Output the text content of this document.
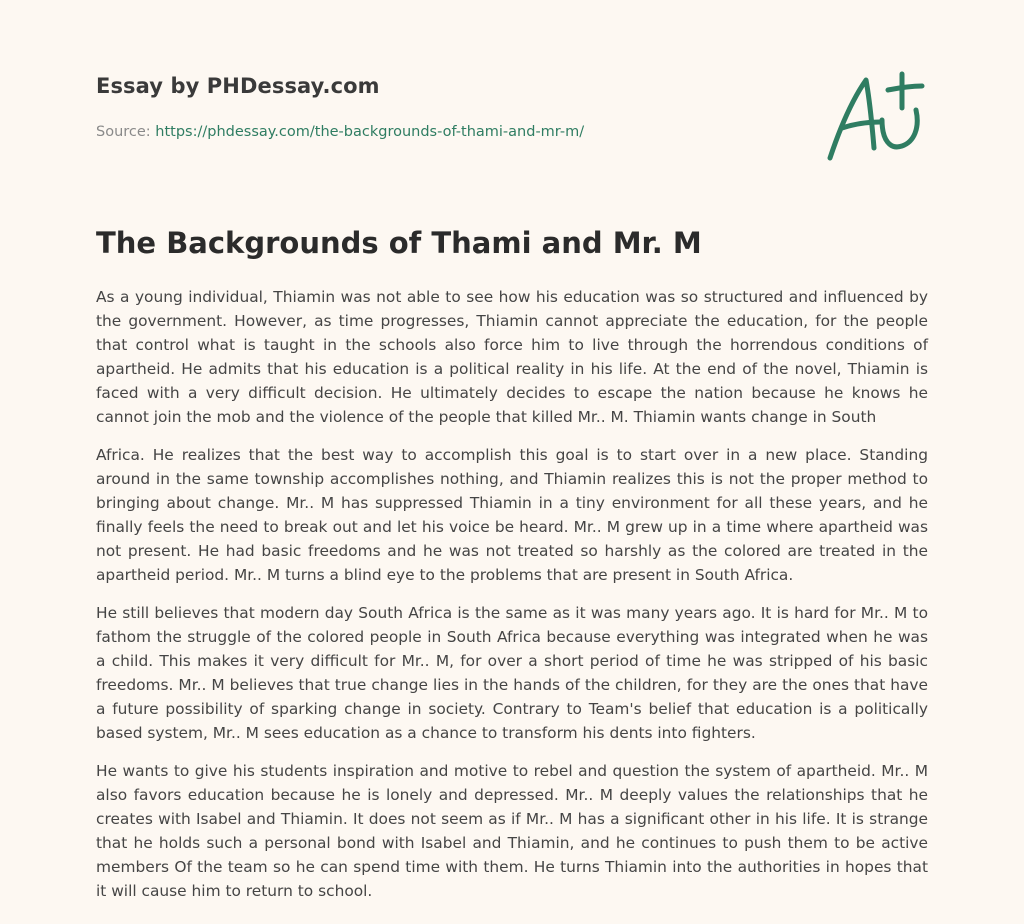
Essay by PHDessay.com
Source: https://phdessay.com/the-backgrounds-of-thami-and-mr-m/
The Backgrounds of Thami and Mr. M

As a young individual, Thiamin was not able to see how his education was so structured and influenced by the government. However, as time progresses, Thiamin cannot appreciate the education, for the people that control what is taught in the schools also force him to live through the horrendous conditions of apartheid. He admits that his education is a political reality in his life. At the end of the novel, Thiamin is faced with a very difficult decision. He ultimately decides to escape the nation because he knows he cannot join the mob and the violence of the people that killed Mr.. M. Thiamin wants change in South

Africa. He realizes that the best way to accomplish this goal is to start over in a new place. Standing around in the same township accomplishes nothing, and Thiamin realizes this is not the proper method to bringing about change. Mr.. M has suppressed Thiamin in a tiny environment for all these years, and he finally feels the need to break out and let his voice be heard. Mr.. M grew up in a time where apartheid was not present. He had basic freedoms and he was not treated so harshly as the colored are treated in the apartheid period. Mr.. M turns a blind eye to the problems that are present in South Africa.

He still believes that modern day South Africa is the same as it was many years ago. It is hard for Mr.. M to fathom the struggle of the colored people in South Africa because everything was integrated when he was a child. This makes it very difficult for Mr.. M, for over a short period of time he was stripped of his basic freedoms. Mr.. M believes that true change lies in the hands of the children, for they are the ones that have a future possibility of sparking change in society. Contrary to Team's belief that education is a politically based system, Mr.. M sees education as a chance to transform his dents into fighters.

He wants to give his students inspiration and motive to rebel and question the system of apartheid. Mr.. M also favors education because he is lonely and depressed. Mr.. M deeply values the relationships that he creates with Isabel and Thiamin. It does not seem as if Mr.. M has a significant other in his life. It is strange that he holds such a personal bond with Isabel and Thiamin, and he continues to push them to be active members Of the team so he can spend time with them. He turns Thiamin into the authorities in hopes that it will cause him to return to school.
